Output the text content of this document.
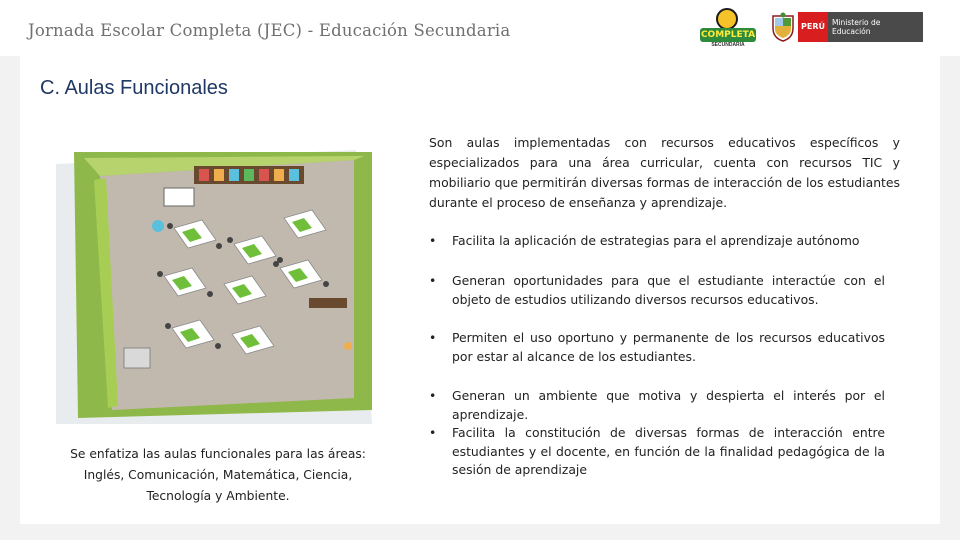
Jornada Escolar Completa (JEC) - Educación Secundaria	COMPLETA
SECUNDARIA
PERÚ Ministerio de Educación
C. Aulas Funcionales
Son aulas implementadas con recursos educativos específicos y especializados para una área curricular, cuenta con recursos TIC y mobiliario que permitirán diversas formas de interacción de los estudiantes durante el proceso de enseñanza y aprendizaje.
• Facilita la aplicación de estrategias para el aprendizaje autónomo
• Generan oportunidades para que el estudiante interactúe con el objeto de estudios utilizando diversos recursos educativos.
• Permiten el uso oportuno y permanente de los recursos educativos por estar al alcance de los estudiantes.
• Generan un ambiente que motiva y despierta el interés por el aprendizaje.
• Facilita la constitución de diversas formas de interacción entre estudiantes y el docente, en función de la finalidad pedagógica de la sesión de aprendizaje
Se enfatiza las aulas funcionales para las áreas: Inglés, Comunicación, Matemática, Ciencia, Tecnología y Ambiente.
